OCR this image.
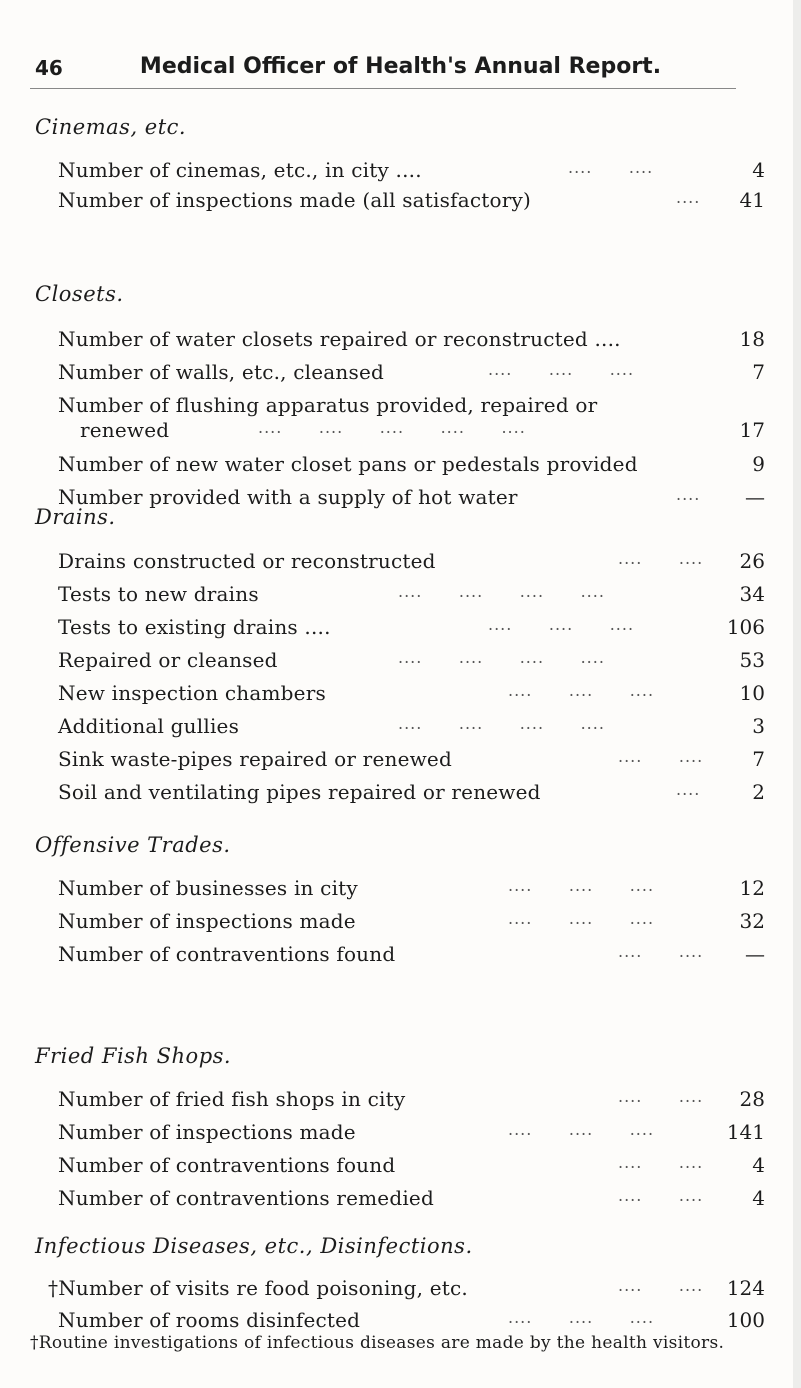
46	Medical Officer of Health's Annual Report.
Cinemas, etc.
Number of cinemas, etc., in city ....	....      ....	4
Number of inspections made (all satisfactory)	....	41
Closets.
Number of water closets repaired or reconstructed ....	18
Number of walls, etc., cleansed	....      ....      ....	7
Number of flushing apparatus provided, repaired or
renewed	....      ....      ....      ....      ....	17
Number of new water closet pans or pedestals provided	9
Number provided with a supply of hot water	....	—
Drains.
Drains constructed or reconstructed	....      ....	26
Tests to new drains	....      ....      ....      ....	34
Tests to existing drains ....	....      ....      ....	106
Repaired or cleansed	....      ....      ....      ....	53
New inspection chambers	....      ....      ....	10
Additional gullies	....      ....      ....      ....	3
Sink waste-pipes repaired or renewed	....      ....	7
Soil and ventilating pipes repaired or renewed	....	2
Offensive Trades.
Number of businesses in city	....      ....      ....	12
Number of inspections made	....      ....      ....	32
Number of contraventions found	....      ....	—
Fried Fish Shops.
Number of fried fish shops in city	....      ....	28
Number of inspections made	....      ....      ....	141
Number of contraventions found	....      ....	4
Number of contraventions remedied	....      ....	4
Infectious Diseases, etc., Disinfections.
†Number of visits re food poisoning, etc.	....      ....	124
Number of rooms disinfected	....      ....      ....	100
†Routine investigations of infectious diseases are made by the health visitors.
